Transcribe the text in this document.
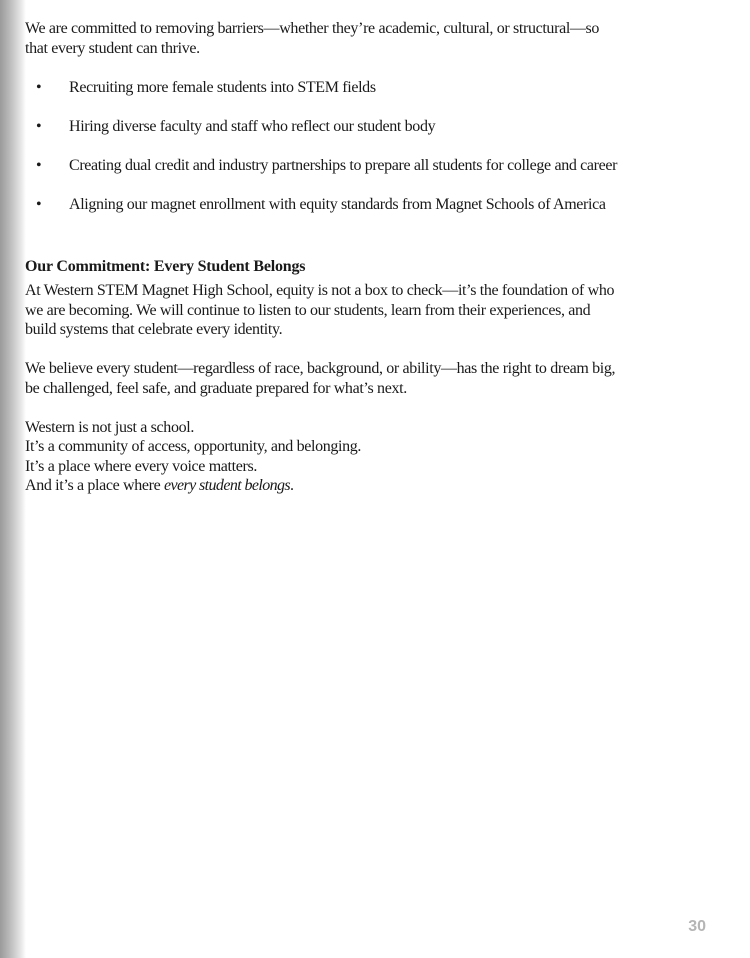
We are committed to removing barriers—whether they’re academic, cultural, or structural—so
that every student can thrive.

• Recruiting more female students into STEM fields
• Hiring diverse faculty and staff who reflect our student body
• Creating dual credit and industry partnerships to prepare all students for college and career
• Aligning our magnet enrollment with equity standards from Magnet Schools of America
Our Commitment: Every Student Belongs

At Western STEM Magnet High School, equity is not a box to check—it’s the foundation of who
we are becoming. We will continue to listen to our students, learn from their experiences, and
build systems that celebrate every identity.

We believe every student—regardless of race, background, or ability—has the right to dream big,
be challenged, feel safe, and graduate prepared for what’s next.

Western is not just a school.
It’s a community of access, opportunity, and belonging.
It’s a place where every voice matters.
And it’s a place where every student belongs.

30
